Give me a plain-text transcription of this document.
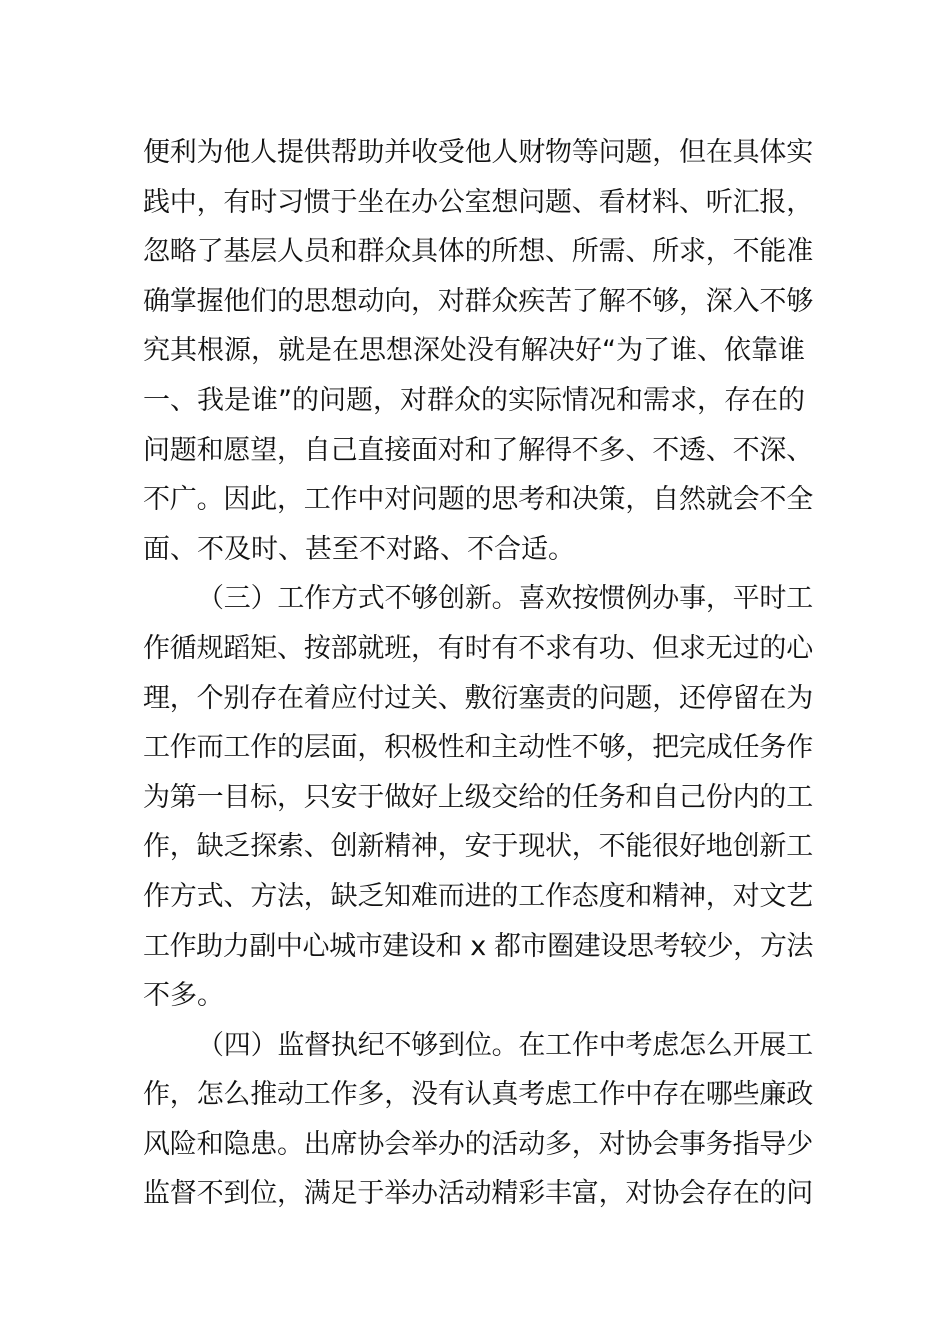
便利为他人提供帮助并收受他人财物等问题，但在具体实
践中，有时习惯于坐在办公室想问题、看材料、听汇报，
忽略了基层人员和群众具体的所想、所需、所求，不能准
确掌握他们的思想动向，对群众疾苦了解不够，深入不够
究其根源，就是在思想深处没有解决好“为了谁、依靠谁
一、我是谁”的问题，对群众的实际情况和需求，存在的
问题和愿望，自己直接面对和了解得不多、不透、不深、
不广。因此，工作中对问题的思考和决策，自然就会不全
面、不及时、甚至不对路、不合适。
（三）工作方式不够创新。喜欢按惯例办事，平时工
作循规蹈矩、按部就班，有时有不求有功、但求无过的心
理，个别存在着应付过关、敷衍塞责的问题，还停留在为
工作而工作的层面，积极性和主动性不够，把完成任务作
为第一目标，只安于做好上级交给的任务和自己份内的工
作，缺乏探索、创新精神，安于现状，不能很好地创新工
作方式、方法，缺乏知难而进的工作态度和精神，对文艺
工作助力副中心城市建设和 x 都市圈建设思考较少，方法
不多。
（四）监督执纪不够到位。在工作中考虑怎么开展工
作，怎么推动工作多，没有认真考虑工作中存在哪些廉政
风险和隐患。出席协会举办的活动多，对协会事务指导少
监督不到位，满足于举办活动精彩丰富，对协会存在的问
